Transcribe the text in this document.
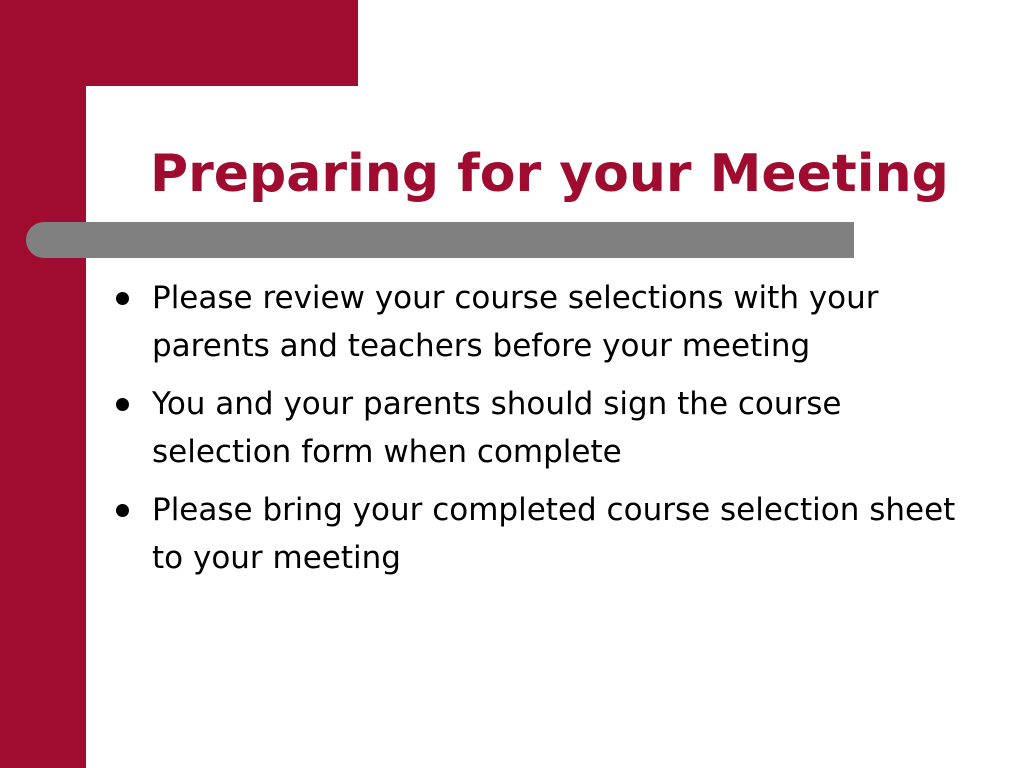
Preparing for your Meeting
Please review your course selections with your parents and teachers before your meeting
You and your parents should sign the course selection form when complete
Please bring your completed course selection sheet to your meeting
